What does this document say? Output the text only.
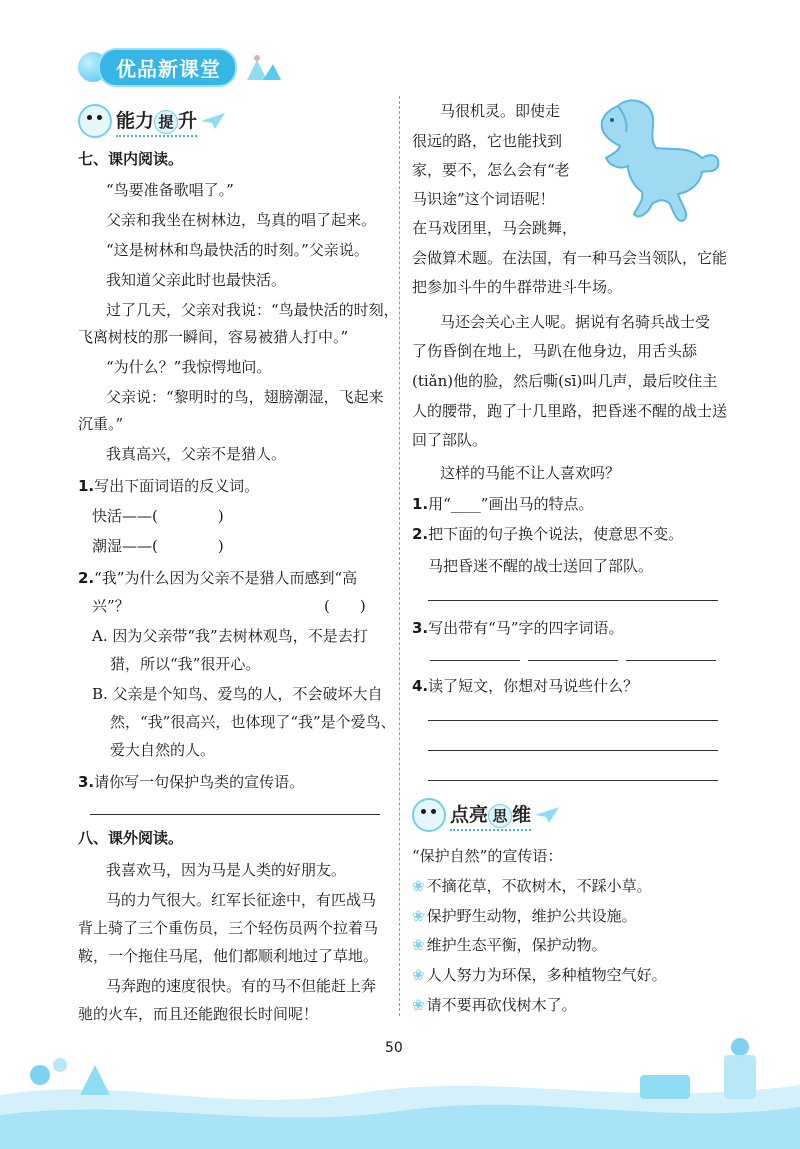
优品新课堂
能力 提 升
七、课内阅读。
“鸟要准备歌唱了。”
父亲和我坐在树林边，鸟真的唱了起来。
“这是树林和鸟最快活的时刻。”父亲说。
我知道父亲此时也最快活。
过了几天，父亲对我说：“鸟最快活的时刻，
飞离树枝的那一瞬间，容易被猎人打中。”
“为什么？”我惊愕地问。
父亲说：“黎明时的鸟，翅膀潮湿，飞起来
沉重。”
我真高兴，父亲不是猎人。
1.写出下面词语的反义词。
快活——(　　　　)
潮湿——(　　　　)
2.“我”为什么因为父亲不是猎人而感到“高
兴”？	(　　)
A. 因为父亲带“我”去树林观鸟，不是去打
猎，所以“我”很开心。
B. 父亲是个知鸟、爱鸟的人，不会破坏大自
然，“我”很高兴，也体现了“我”是个爱鸟、
爱大自然的人。
3.请你写一句保护鸟类的宣传语。
八、课外阅读。
我喜欢马，因为马是人类的好朋友。
马的力气很大。红军长征途中，有匹战马
背上骑了三个重伤员，三个轻伤员两个拉着马
鞍，一个拖住马尾，他们都顺利地过了草地。
马奔跑的速度很快。有的马不但能赶上奔
驰的火车，而且还能跑很长时间呢！
马很机灵。即使走
很远的路，它也能找到
家，要不，怎么会有“老
马识途”这个词语呢！
在马戏团里，马会跳舞，
会做算术题。在法国，有一种马会当领队，它能
把参加斗牛的牛群带进斗牛场。
马还会关心主人呢。据说有名骑兵战士受
了伤昏倒在地上，马趴在他身边，用舌头舔
(tiǎn)他的脸，然后嘶(sī)叫几声，最后咬住主
人的腰带，跑了十几里路，把昏迷不醒的战士送
回了部队。
这样的马能不让人喜欢吗？
1.用“____”画出马的特点。
2.把下面的句子换个说法，使意思不变。
马把昏迷不醒的战士送回了部队。
3.写出带有“马”字的四字词语。
4.读了短文，你想对马说些什么？
点亮 思 维
“保护自然”的宣传语：
❀ 不摘花草，不砍树木，不踩小草。
❀ 保护野生动物，维护公共设施。
❀ 维护生态平衡，保护动物。
❀ 人人努力为环保，多种植物空气好。
❀ 请不要再砍伐树木了。
50
